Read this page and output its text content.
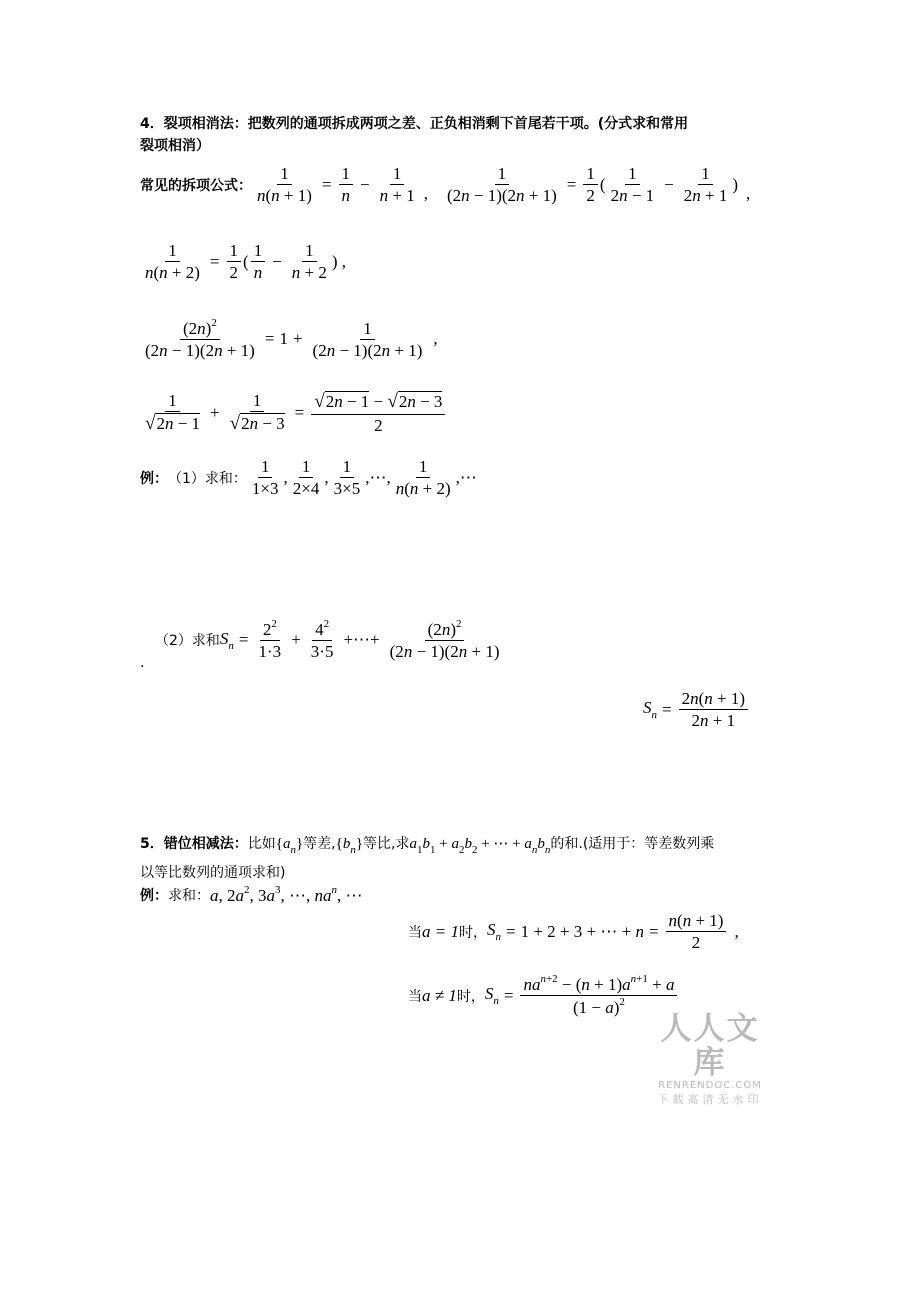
4．裂项相消法：把数列的通项拆成两项之差、正负相消剩下首尾若干项。(分式求和常用
裂项相消）
常见的拆项公式： $\frac{1}{n(n + 1)} = \frac{1}{n} - \frac{1}{n + 1}$ , $\frac{1}{(2n - 1)(2n + 1)} = \frac{1}{2}$ ( $\frac{1}{2n - 1} - \frac{1}{2n + 1}$ ) ,
$\frac{1}{n(n + 2)} = \frac{1}{2}$ ( $\frac{1}{n} - \frac{1}{n + 2}$ ) ,
$\frac{(2n)^2}{(2n - 1)(2n + 1)} = 1 + \frac{1}{(2n - 1)(2n + 1)}$ ,
$\frac{1}{√2n - 1} + \frac{1}{√2n - 3} = \frac{√2n - 1 - √2n - 3}{2}$
例： （1）求和： $\frac{1}{1\times 3}$ , $\frac{1}{2\times 4}$ , $\frac{1}{3\times 5}$ ,⋯, $\frac{1}{n(n + 2)}$ ,⋯
（2）求和 $S_n = \frac{2^2}{1\cdot 3} + \frac{4^2}{3\cdot 5}$ +⋯+ $\frac{(2n)^2}{(2n - 1)(2n + 1)}$
.
$S_n = \frac{2n(n + 1)}{2n + 1}$
5．错位相减法：比如$\{a_n\}$等差$,\{b_n\}$等比,求$a_1b_1 + a_2b_2$ + ⋯ + $a_nb_n$的和.(适用于：等差数列乘
以等比数列的通项求和)
例： 求和： a, $2a^2$, $3a^3$, ⋯, $na^n$, ⋯
当 a = 1 时， $S_n = 1 + 2 + 3$ + ⋯ + $n = \frac{n(n + 1)}{2}$ ,
当 a ≠ 1 时， $S_n = \frac{na^{n+2} - (n + 1)a^{n+1} + a}{(1 - a)^2}$
人人文库
RENRENDOC.COM
下载高清无水印
